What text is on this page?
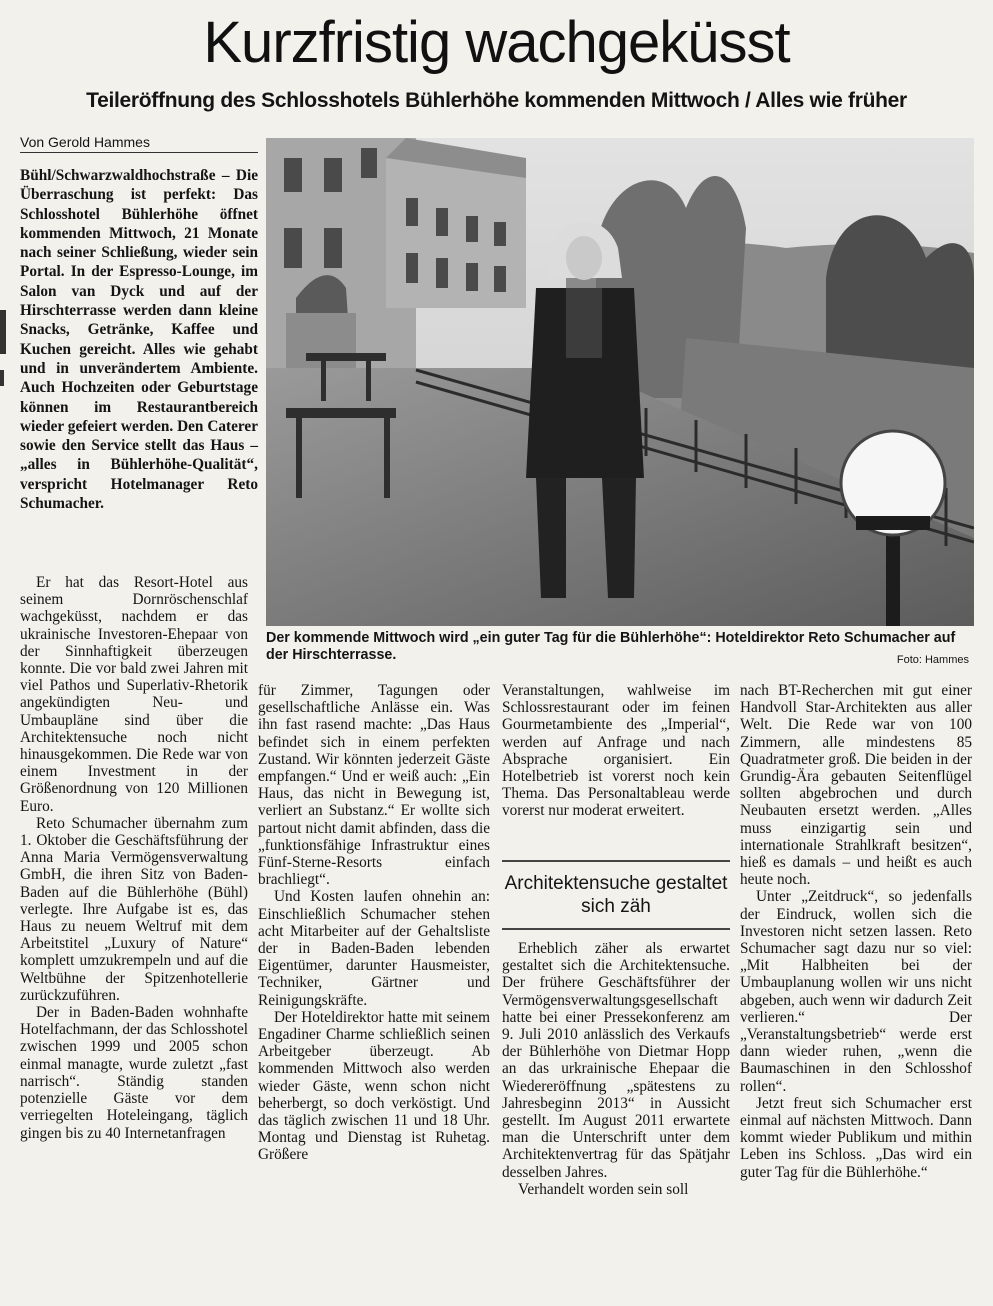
Kurzfristig wachgeküsst
Teileröffnung des Schlosshotels Bühlerhöhe kommenden Mittwoch / Alles wie früher
Von Gerold Hammes
Bühl/Schwarzwaldhochstraße – Die Überraschung ist perfekt: Das Schlosshotel Bühlerhöhe öffnet kommenden Mittwoch, 21 Monate nach seiner Schließung, wieder sein Portal. In der Espresso-Lounge, im Salon van Dyck und auf der Hirschterrasse werden dann kleine Snacks, Getränke, Kaffee und Kuchen gereicht. Alles wie gehabt und in unverändertem Ambiente. Auch Hochzeiten oder Geburtstage können im Restaurantbereich wieder gefeiert werden. Den Caterer sowie den Service stellt das Haus – „alles in Bühlerhöhe-Qualität“, verspricht Hotelmanager Reto Schumacher.
Der kommende Mittwoch wird „ein guter Tag für die Bühlerhöhe“: Hoteldirektor Reto Schumacher auf der Hirschterrasse.	Foto: Hammes

Er hat das Resort-Hotel aus seinem Dornröschenschlaf wachgeküsst, nachdem er das ukrainische Investoren-Ehepaar von der Sinnhaftigkeit überzeugen konnte. Die vor bald zwei Jahren mit viel Pathos und Superlativ-Rhetorik angekündigten Neu- und Umbaupläne sind über die Architektensuche noch nicht hinausgekommen. Die Rede war von einem Investment in der Größenordnung von 120 Millionen Euro.

Reto Schumacher übernahm zum 1. Oktober die Geschäftsführung der Anna Maria Vermögensverwaltung GmbH, die ihren Sitz von Baden-Baden auf die Bühlerhöhe (Bühl) verlegte. Ihre Aufgabe ist es, das Haus zu neuem Weltruf mit dem Arbeitstitel „Luxury of Nature“ komplett umzukrempeln und auf die Weltbühne der Spitzenhotellerie zurückzuführen.

Der in Baden-Baden wohnhafte Hotelfachmann, der das Schlosshotel zwischen 1999 und 2005 schon einmal managte, wurde zuletzt „fast narrisch“. Ständig standen potenzielle Gäste vor dem verriegelten Hoteleingang, täglich gingen bis zu 40 Internetanfragen

für Zimmer, Tagungen oder gesellschaftliche Anlässe ein. Was ihn fast rasend machte: „Das Haus befindet sich in einem perfekten Zustand. Wir könnten jederzeit Gäste empfangen.“ Und er weiß auch: „Ein Haus, das nicht in Bewegung ist, verliert an Substanz.“ Er wollte sich partout nicht damit abfinden, dass die „funktionsfähige Infrastruktur eines Fünf-Sterne-Resorts einfach brachliegt“.

Und Kosten laufen ohnehin an: Einschließlich Schumacher stehen acht Mitarbeiter auf der Gehaltsliste der in Baden-Baden lebenden Eigentümer, darunter Hausmeister, Techniker, Gärtner und Reinigungskräfte.

Der Hoteldirektor hatte mit seinem Engadiner Charme schließlich seinen Arbeitgeber überzeugt. Ab kommenden Mittwoch also werden wieder Gäste, wenn schon nicht beherbergt, so doch verköstigt. Und das täglich zwischen 11 und 18 Uhr. Montag und Dienstag ist Ruhetag. Größere

Veranstaltungen, wahlweise im Schlossrestaurant oder im feinen Gourmetambiente des „Imperial“, werden auf Anfrage und nach Absprache organisiert. Ein Hotelbetrieb ist vorerst noch kein Thema. Das Personaltableau werde vorerst nur moderat erweitert.

Architektensuche gestaltet sich zäh

Erheblich zäher als erwartet gestaltet sich die Architektensuche. Der frühere Geschäftsführer der Vermögensverwaltungsgesellschaft hatte bei einer Pressekonferenz am 9. Juli 2010 anlässlich des Verkaufs der Bühlerhöhe von Dietmar Hopp an das urkrainische Ehepaar die Wiedereröffnung „spätestens zu Jahresbeginn 2013“ in Aussicht gestellt. Im August 2011 erwartete man die Unterschrift unter dem Architektenvertrag für das Spätjahr desselben Jahres.

Verhandelt worden sein soll

nach BT-Recherchen mit gut einer Handvoll Star-Architekten aus aller Welt. Die Rede war von 100 Zimmern, alle mindestens 85 Quadratmeter groß. Die beiden in der Grundig-Ära gebauten Seitenflügel sollten abgebrochen und durch Neubauten ersetzt werden. „Alles muss einzigartig sein und internationale Strahlkraft besitzen“, hieß es damals – und heißt es auch heute noch.

Unter „Zeitdruck“, so jedenfalls der Eindruck, wollen sich die Investoren nicht setzen lassen. Reto Schumacher sagt dazu nur so viel: „Mit Halbheiten bei der Umbauplanung wollen wir uns nicht abgeben, auch wenn wir dadurch Zeit verlieren.“ Der „Veranstaltungsbetrieb“ werde erst dann wieder ruhen, „wenn die Baumaschinen in den Schlosshof rollen“.

Jetzt freut sich Schumacher erst einmal auf nächsten Mittwoch. Dann kommt wieder Publikum und mithin Leben ins Schloss. „Das wird ein guter Tag für die Bühlerhöhe.“
